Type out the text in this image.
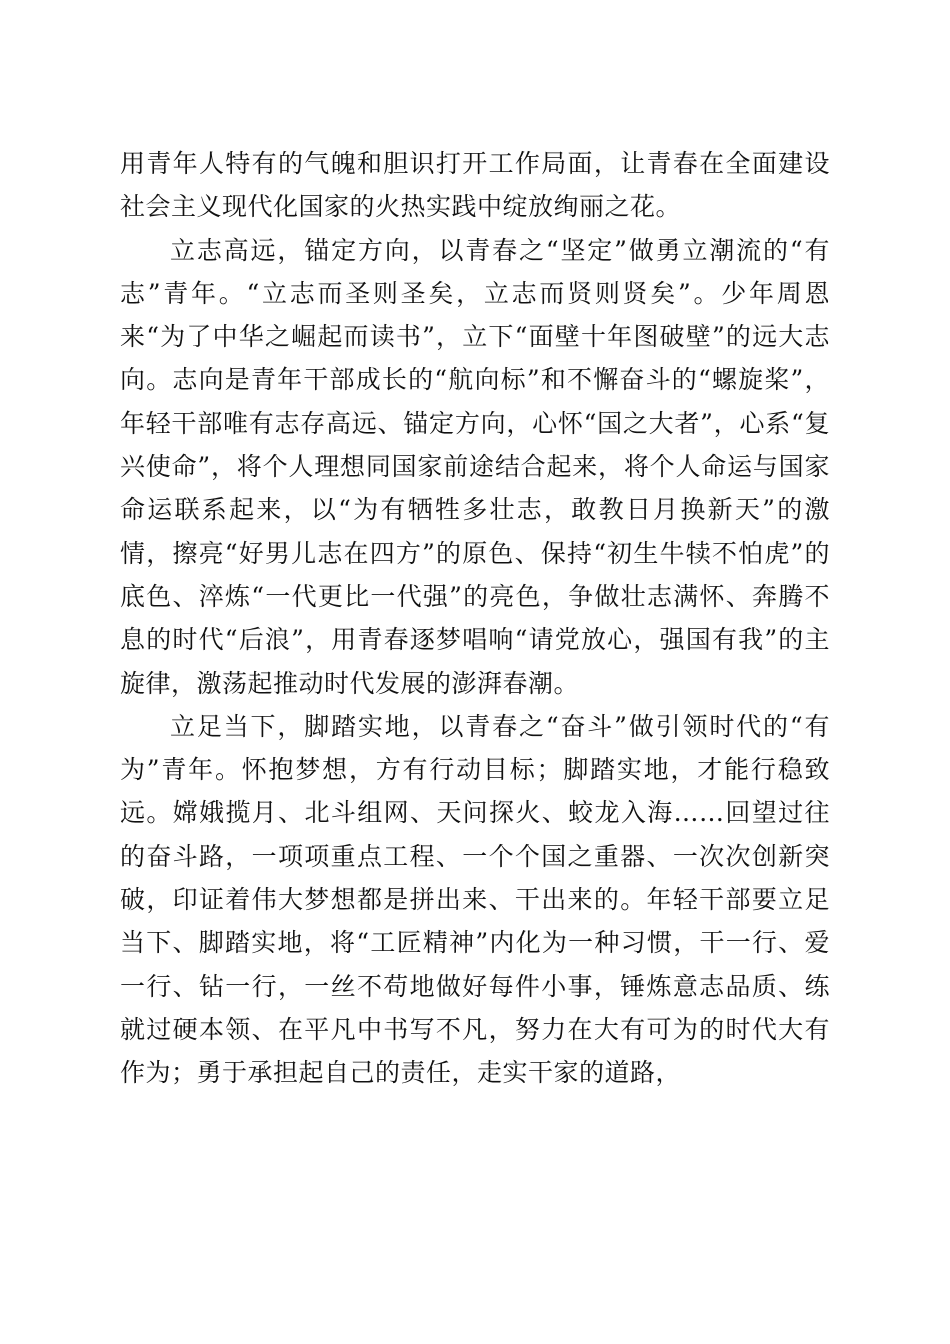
用青年人特有的气魄和胆识打开工作局面，让青春在全面建设社会主义现代化国家的火热实践中绽放绚丽之花。

立志高远，锚定方向，以青春之“坚定”做勇立潮流的“有志”青年。“立志而圣则圣矣，立志而贤则贤矣”。少年周恩来“为了中华之崛起而读书”，立下“面壁十年图破壁”的远大志向。志向是青年干部成长的“航向标”和不懈奋斗的“螺旋桨”，年轻干部唯有志存高远、锚定方向，心怀“国之大者”，心系“复兴使命”，将个人理想同国家前途结合起来，将个人命运与国家命运联系起来，以“为有牺牲多壮志，敢教日月换新天”的激情，擦亮“好男儿志在四方”的原色、保持“初生牛犊不怕虎”的底色、淬炼“一代更比一代强”的亮色，争做壮志满怀、奔腾不息的时代“后浪”，用青春逐梦唱响“请党放心，强国有我”的主旋律，激荡起推动时代发展的澎湃春潮。

立足当下，脚踏实地，以青春之“奋斗”做引领时代的“有为”青年。怀抱梦想，方有行动目标；脚踏实地，才能行稳致远。嫦娥揽月、北斗组网、天问探火、蛟龙入海……回望过往的奋斗路，一项项重点工程、一个个国之重器、一次次创新突破，印证着伟大梦想都是拼出来、干出来的。年轻干部要立足当下、脚踏实地，将“工匠精神”内化为一种习惯，干一行、爱一行、钻一行，一丝不苟地做好每件小事，锤炼意志品质、练就过硬本领、在平凡中书写不凡，努力在大有可为的时代大有作为；勇于承担起自己的责任，走实干家的道路，
